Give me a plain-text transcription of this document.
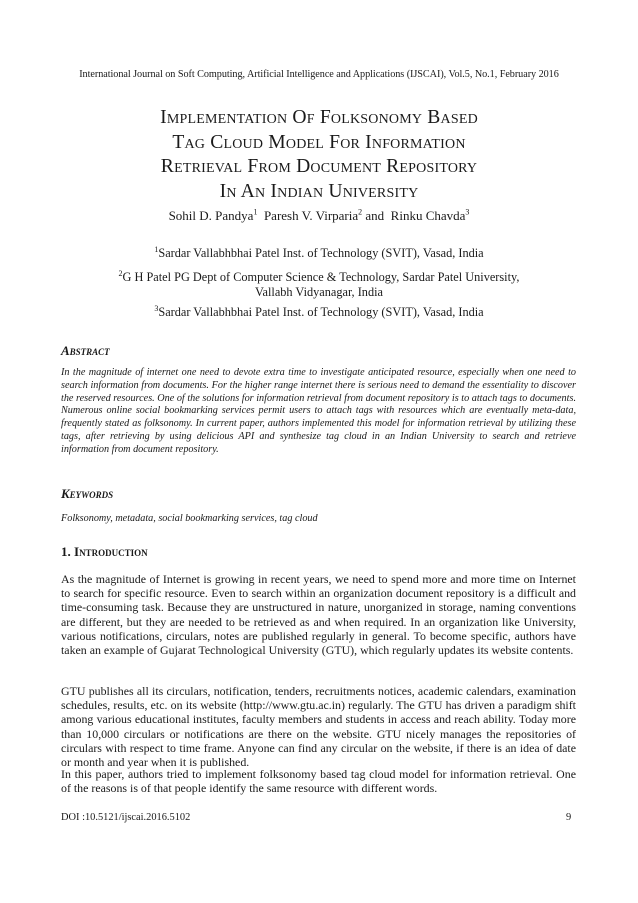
International Journal on Soft Computing, Artificial Intelligence and Applications (IJSCAI), Vol.5, No.1, February 2016
Implementation Of Folksonomy Based
Tag Cloud Model For Information
Retrieval From Document Repository
In An Indian University
Sohil D. Pandya$^1$ Paresh V. Virparia$^2$ and Rinku Chavda$^3$
$^1$Sardar Vallabhbhai Patel Inst. of Technology (SVIT), Vasad, India
$^2$G H Patel PG Dept of Computer Science & Technology, Sardar Patel University,
Vallabh Vidyanagar, India
$^3$Sardar Vallabhbhai Patel Inst. of Technology (SVIT), Vasad, India
Abstract
In the magnitude of internet one need to devote extra time to investigate anticipated resource, especially when one need to search information from documents. For the higher range internet there is serious need to demand the essentiality to discover the reserved resources. One of the solutions for information retrieval from document repository is to attach tags to documents. Numerous online social bookmarking services permit users to attach tags with resources which are eventually meta-data, frequently stated as folksonomy. In current paper, authors implemented this model for information retrieval by utilizing these tags, after retrieving by using delicious API and synthesize tag cloud in an Indian University to search and retrieve information from document repository.
Keywords
Folksonomy, metadata, social bookmarking services, tag cloud
1. Introduction
As the magnitude of Internet is growing in recent years, we need to spend more and more time on Internet to search for specific resource. Even to search within an organization document repository is a difficult and time-consuming task. Because they are unstructured in nature, unorganized in storage, naming conventions are different, but they are needed to be retrieved as and when required. In an organization like University, various notifications, circulars, notes are published regularly in general. To become specific, authors have taken an example of Gujarat Technological University (GTU), which regularly updates its website contents.
GTU publishes all its circulars, notification, tenders, recruitments notices, academic calendars, examination schedules, results, etc. on its website (http://www.gtu.ac.in) regularly. The GTU has driven a paradigm shift among various educational institutes, faculty members and students in access and reach ability. Today more than 10,000 circulars or notifications are there on the website. GTU nicely manages the repositories of circulars with respect to time frame. Anyone can find any circular on the website, if there is an idea of date or month and year when it is published.
In this paper, authors tried to implement folksonomy based tag cloud model for information retrieval. One of the reasons is of that people identify the same resource with different words.
DOI :10.5121/ijscai.2016.5102	9
